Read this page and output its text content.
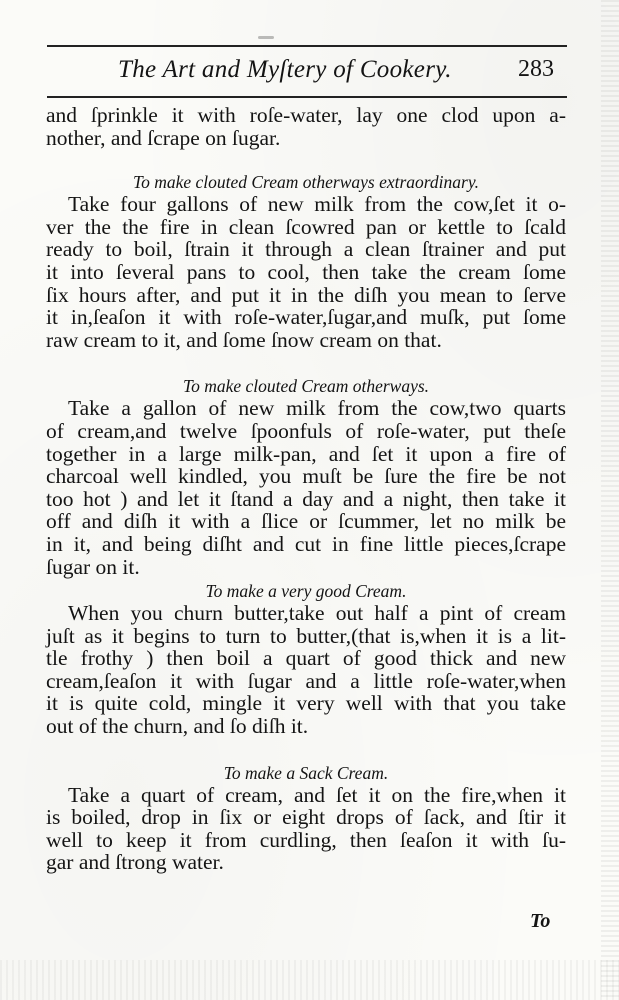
The Art and Myſtery of Cookery.	283
and ſprinkle it with roſe-water, lay one clod upon a-
nother, and ſcrape on ſugar.
To make clouted Cream otherways extraordinary.
Take four gallons of new milk from the cow,ſet it o-
ver the the fire in clean ſcowred pan or kettle to ſcald
ready to boil, ſtrain it through a clean ſtrainer and put
it into ſeveral pans to cool, then take the cream ſome
ſix hours after, and put it in the diſh you mean to ſerve
it in,ſeaſon it with roſe-water,ſugar,and muſk, put ſome
raw cream to it, and ſome ſnow cream on that.
To make clouted Cream otherways.
Take a gallon of new milk from the cow,two quarts
of cream,and twelve ſpoonfuls of roſe-water, put theſe
together in a large milk-pan, and ſet it upon a fire of
charcoal well kindled, you muſt be ſure the fire be not
too hot ) and let it ſtand a day and a night, then take it
off and diſh it with a ſlice or ſcummer, let no milk be
in it, and being diſht and cut in fine little pieces,ſcrape
ſugar on it.
To make a very good Cream.
When you churn butter,take out half a pint of cream
juſt as it begins to turn to butter,(that is,when it is a lit-
tle frothy ) then boil a quart of good thick and new
cream,ſeaſon it with ſugar and a little roſe-water,when
it is quite cold, mingle it very well with that you take
out of the churn, and ſo diſh it.
To make a Sack Cream.
Take a quart of cream, and ſet it on the fire,when it
is boiled, drop in ſix or eight drops of ſack, and ſtir it
well to keep it from curdling, then ſeaſon it with ſu-
gar and ſtrong water.
To
